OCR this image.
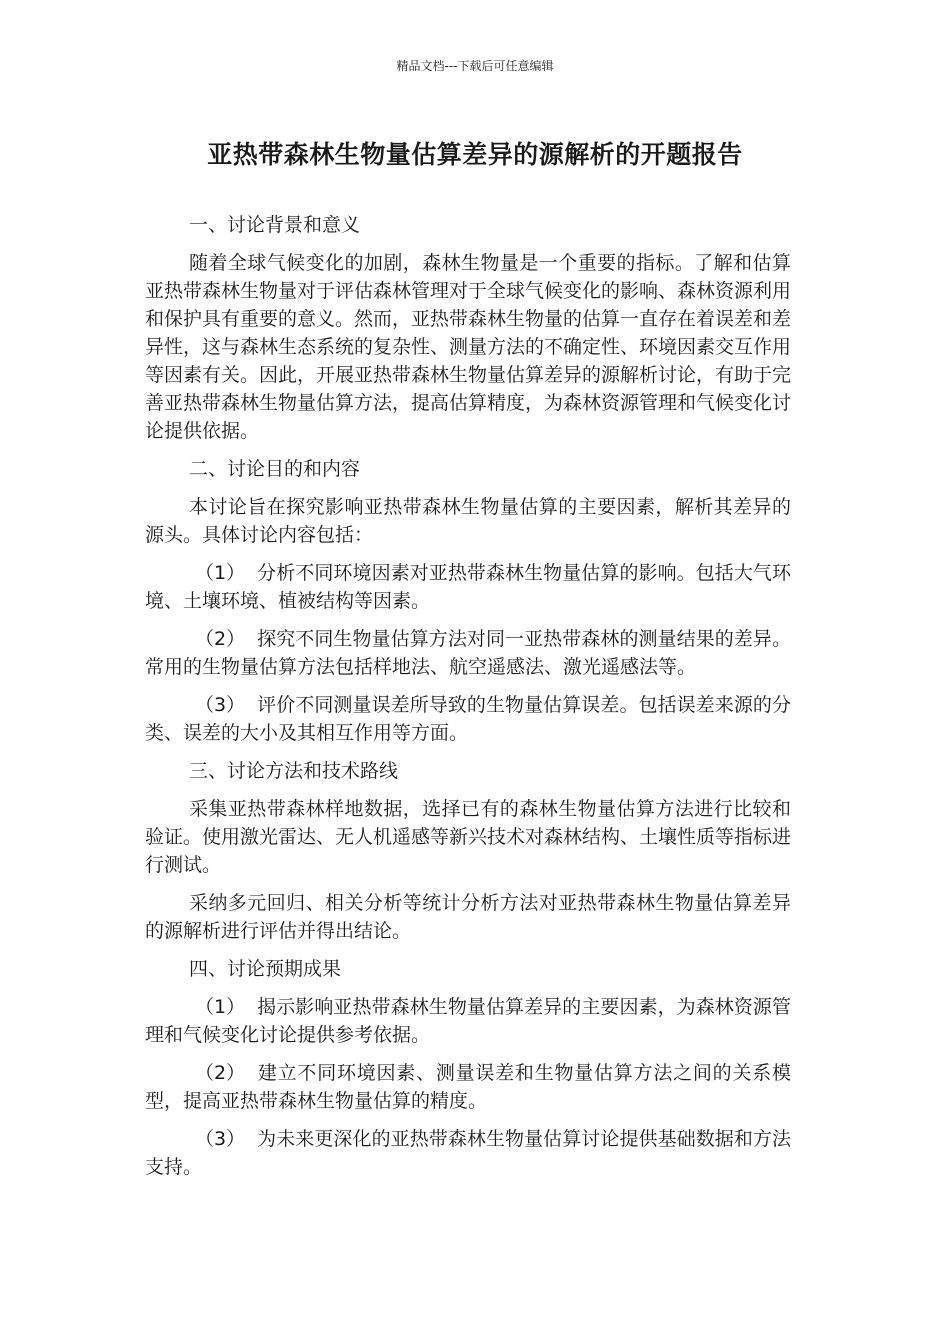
精品文档---下载后可任意编辑
亚热带森林生物量估算差异的源解析的开题报告

一、讨论背景和意义

随着全球气候变化的加剧，森林生物量是一个重要的指标。了解和估算亚热带森林生物量对于评估森林管理对于全球气候变化的影响、森林资源利用和保护具有重要的意义。然而，亚热带森林生物量的估算一直存在着误差和差异性，这与森林生态系统的复杂性、测量方法的不确定性、环境因素交互作用等因素有关。因此，开展亚热带森林生物量估算差异的源解析讨论，有助于完善亚热带森林生物量估算方法，提高估算精度，为森林资源管理和气候变化讨论提供依据。

二、讨论目的和内容

本讨论旨在探究影响亚热带森林生物量估算的主要因素，解析其差异的源头。具体讨论内容包括：

（1） 分析不同环境因素对亚热带森林生物量估算的影响。包括大气环境、土壤环境、植被结构等因素。

（2） 探究不同生物量估算方法对同一亚热带森林的测量结果的差异。常用的生物量估算方法包括样地法、航空遥感法、激光遥感法等。

（3） 评价不同测量误差所导致的生物量估算误差。包括误差来源的分类、误差的大小及其相互作用等方面。

三、讨论方法和技术路线

采集亚热带森林样地数据，选择已有的森林生物量估算方法进行比较和验证。使用激光雷达、无人机遥感等新兴技术对森林结构、土壤性质等指标进行测试。

采纳多元回归、相关分析等统计分析方法对亚热带森林生物量估算差异的源解析进行评估并得出结论。

四、讨论预期成果

（1） 揭示影响亚热带森林生物量估算差异的主要因素，为森林资源管理和气候变化讨论提供参考依据。

（2） 建立不同环境因素、测量误差和生物量估算方法之间的关系模型，提高亚热带森林生物量估算的精度。

（3） 为未来更深化的亚热带森林生物量估算讨论提供基础数据和方法支持。
